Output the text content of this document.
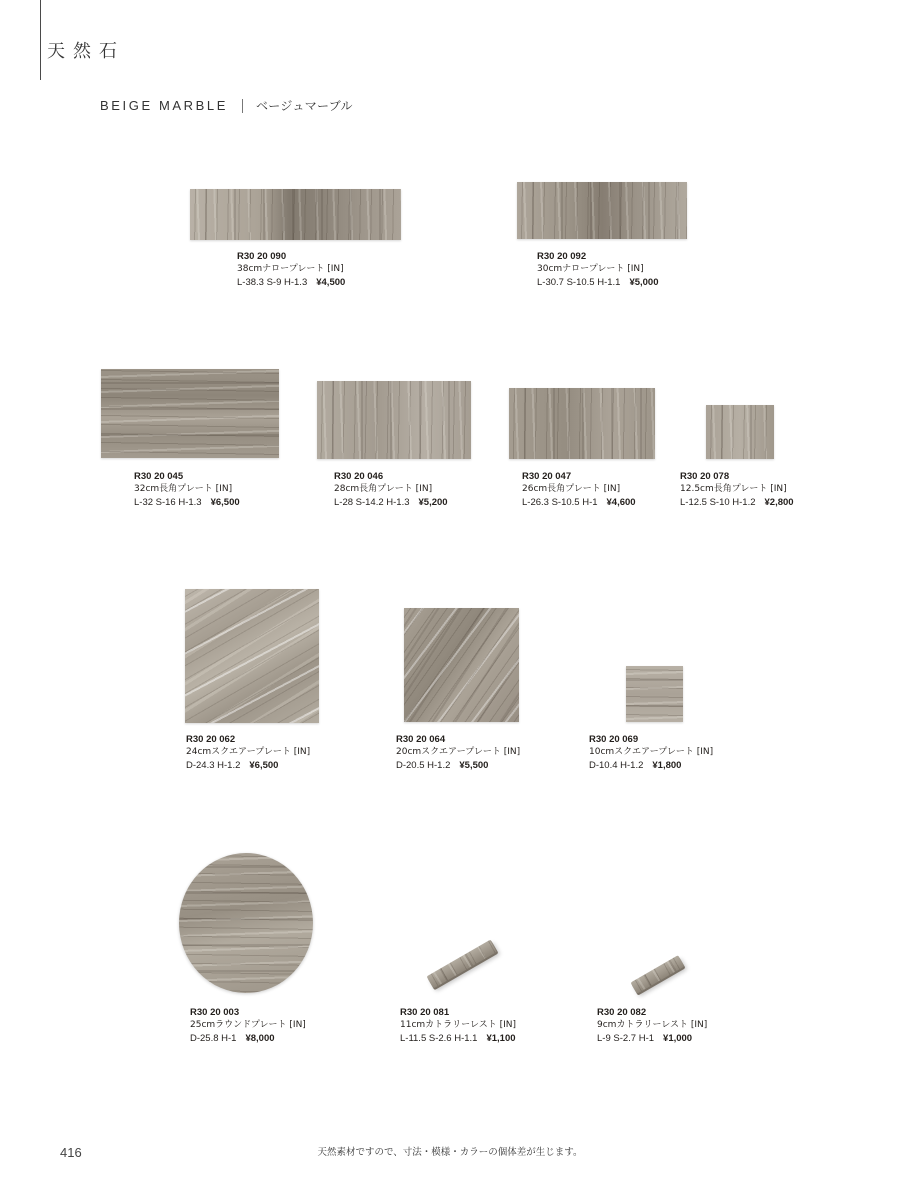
天然石
BEIGE MARBLE ベージュマーブル
R30 20 090
38cmナロープレート [IN]
L-38.3 S-9 H-1.3 ¥4,500
R30 20 092
30cmナロープレート [IN]
L-30.7 S-10.5 H-1.1 ¥5,000
R30 20 045
32cm長角プレート [IN]
L-32 S-16 H-1.3 ¥6,500
R30 20 046
28cm長角プレート [IN]
L-28 S-14.2 H-1.3 ¥5,200
R30 20 047
26cm長角プレート [IN]
L-26.3 S-10.5 H-1 ¥4,600
R30 20 078
12.5cm長角プレート [IN]
L-12.5 S-10 H-1.2 ¥2,800
R30 20 062
24cmスクエアープレート [IN]
D-24.3 H-1.2 ¥6,500
R30 20 064
20cmスクエアープレート [IN]
D-20.5 H-1.2 ¥5,500
R30 20 069
10cmスクエアープレート [IN]
D-10.4 H-1.2 ¥1,800
R30 20 003
25cmラウンドプレート [IN]
D-25.8 H-1 ¥8,000
R30 20 081
11cmカトラリーレスト [IN]
L-11.5 S-2.6 H-1.1 ¥1,100
R30 20 082
9cmカトラリーレスト [IN]
L-9 S-2.7 H-1 ¥1,000
416	天然素材ですので、寸法・模様・カラーの個体差が生じます。
